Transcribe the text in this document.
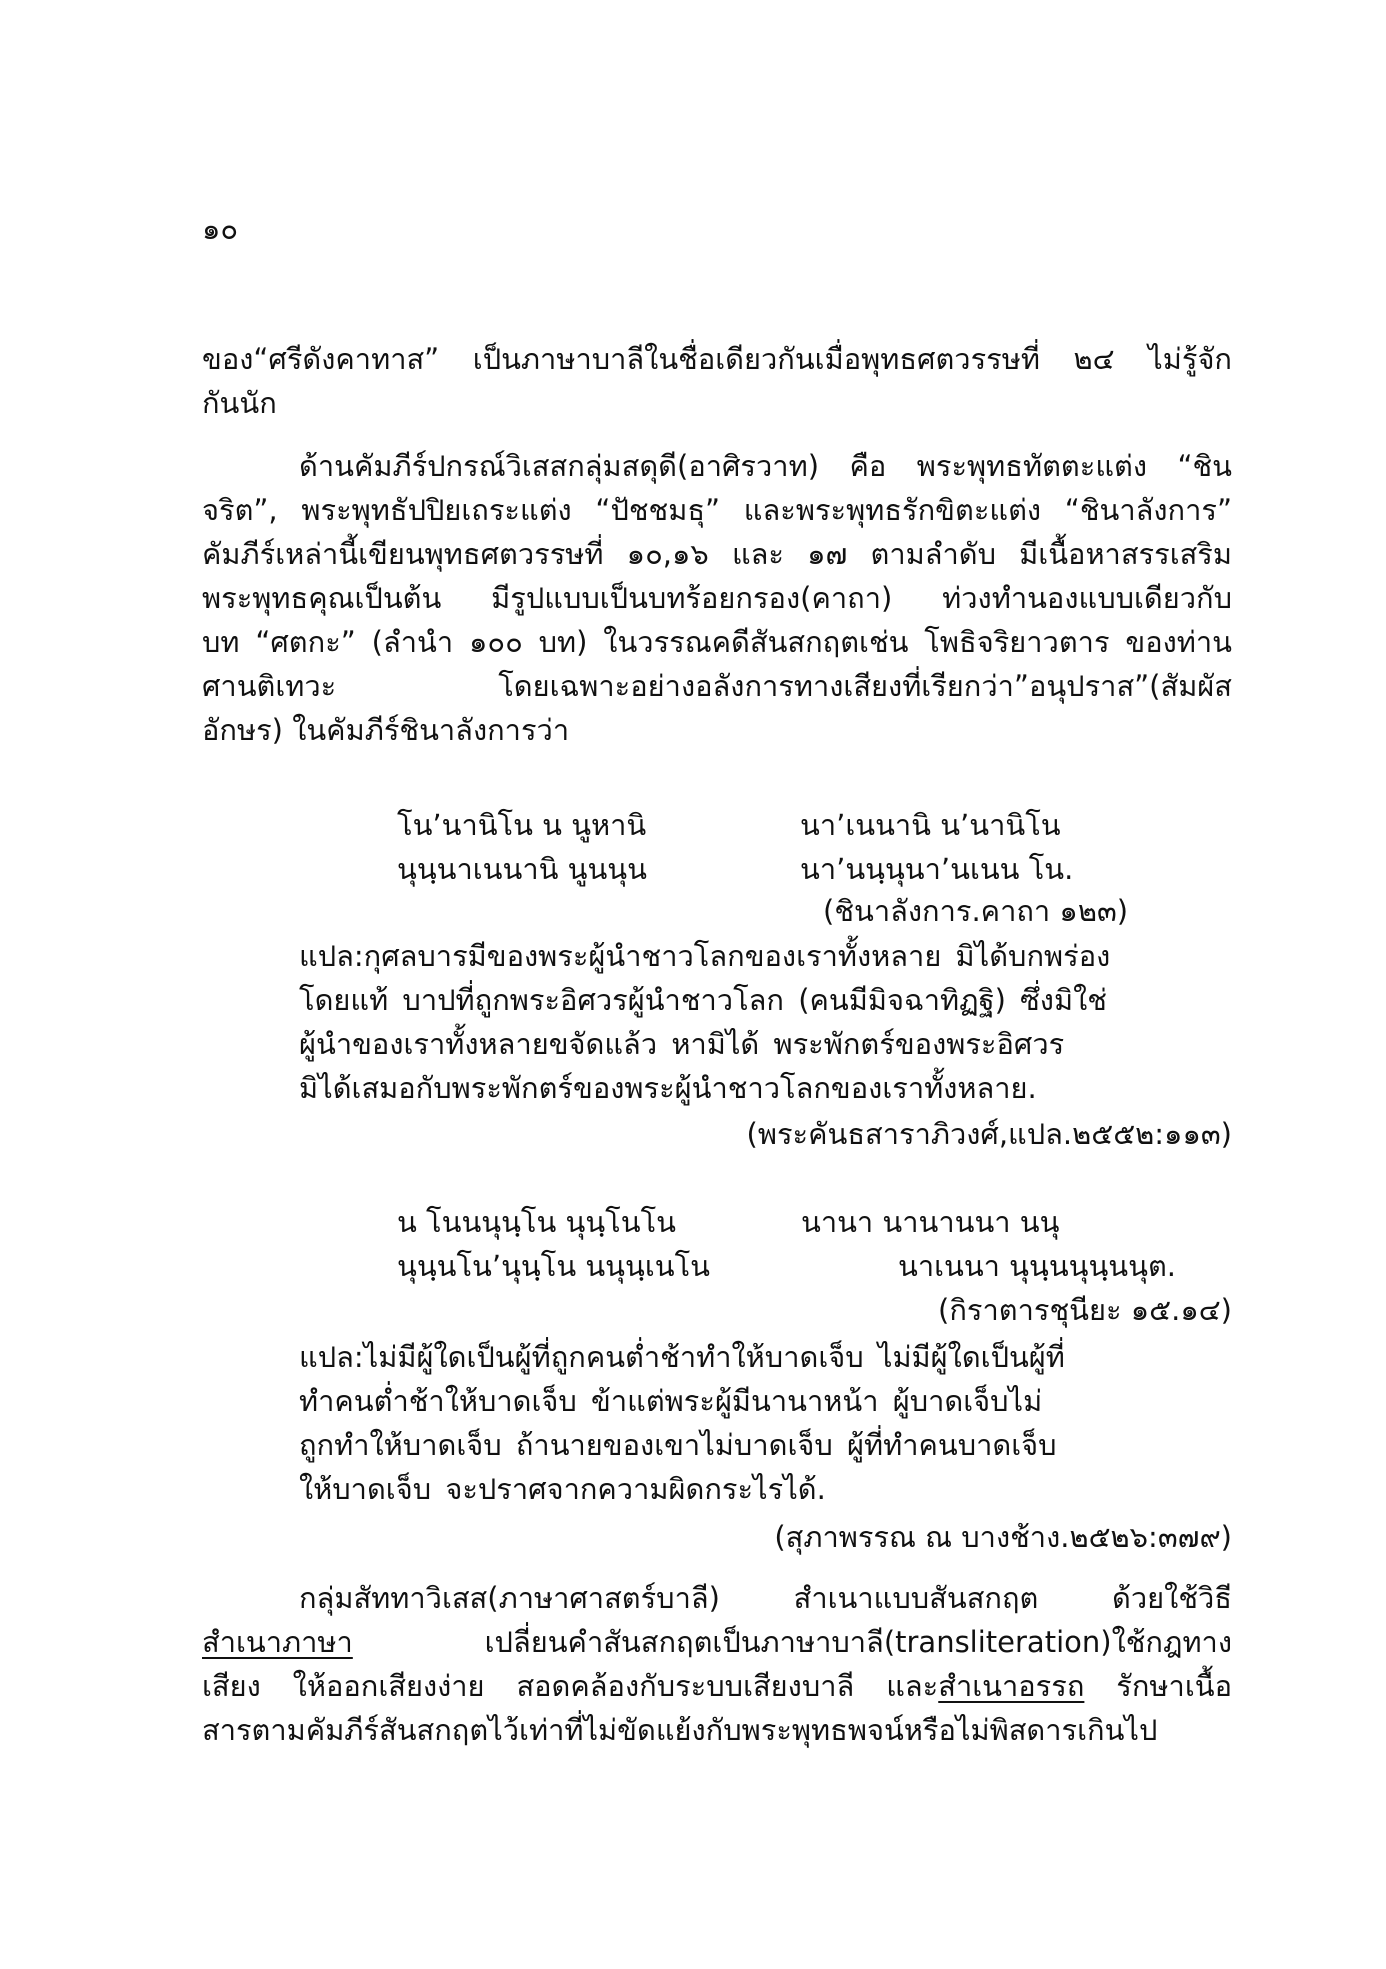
๑๐
ของ“ศรีดังคาทาส” เป็นภาษาบาลีในชื่อเดียวกันเมื่อพุทธศตวรรษที่ ๒๔ ไม่รู้จัก
กันนัก
ด้านคัมภีร์ปกรณ์วิเสสกลุ่มสดุดี(อาศิรวาท) คือ พระพุทธทัตตะแต่ง “ชิน
จริต”, พระพุทธัปปิยเถระแต่ง “ปัชชมธุ” และพระพุทธรักขิตะแต่ง “ชินาลังการ”
คัมภีร์เหล่านี้เขียนพุทธศตวรรษที่ ๑๐,๑๖ และ ๑๗ ตามลำดับ มีเนื้อหาสรรเสริม
พระพุทธคุณเป็นต้น มีรูปแบบเป็นบทร้อยกรอง(คาถา) ท่วงทำนองแบบเดียวกับ
บท “ศตกะ” (ลำนำ ๑๐๐ บท) ในวรรณคดีสันสกฤตเช่น โพธิจริยาวตาร ของท่าน
ศานติเทวะ โดยเฉพาะอย่างอลังการทางเสียงที่เรียกว่า”อนุปราส”(สัมผัส
อักษร) ในคัมภีร์ชินาลังการว่า
โน’นานิโน น นูหานิ	นา’เนนานิ น’นานิโน
นุนฺนาเนนานิ นูนนุน	นา’นนฺนุนา’นเนน โน.
(ชินาลังการ.คาถา ๑๒๓)
แปล:กุศลบารมีของพระผู้นำชาวโลกของเราทั้งหลาย มิได้บกพร่อง
โดยแท้ บาปที่ถูกพระอิศวรผู้นำชาวโลก (คนมีมิจฉาทิฏฐิ) ซึ่งมิใช่
ผู้นำของเราทั้งหลายขจัดแล้ว หามิได้ พระพักตร์ของพระอิศวร
มิได้เสมอกับพระพักตร์ของพระผู้นำชาวโลกของเราทั้งหลาย.
(พระคันธสาราภิวงศ์,แปล.๒๕๕๒:๑๑๓)
น โนนนุนฺโน นุนฺโนโน	นานา นานานนา นนุ
นุนฺนโน’นุนฺโน นนุนฺเนโน	นาเนนา นุนฺนนุนฺนนุต.
(กิราตารชุนียะ ๑๕.๑๔)
แปล:ไม่มีผู้ใดเป็นผู้ที่ถูกคนต่ำช้าทำให้บาดเจ็บ ไม่มีผู้ใดเป็นผู้ที่
ทำคนต่ำช้าให้บาดเจ็บ ข้าแต่พระผู้มีนานาหน้า ผู้บาดเจ็บไม่
ถูกทำให้บาดเจ็บ ถ้านายของเขาไม่บาดเจ็บ ผู้ที่ทำคนบาดเจ็บ
ให้บาดเจ็บ จะปราศจากความผิดกระไรได้.
(สุภาพรรณ ณ บางช้าง.๒๕๒๖:๓๗๙)
กลุ่มสัททาวิเสส(ภาษาศาสตร์บาลี) สำเนาแบบสันสกฤต ด้วยใช้วิธี
สำเนาภาษา	เปลี่ยนคำสันสกฤตเป็นภาษาบาลี(transliteration)ใช้กฎทาง
เสียง ให้ออกเสียงง่าย สอดคล้องกับระบบเสียงบาลี และสำเนาอรรถ รักษาเนื้อ
สารตามคัมภีร์สันสกฤตไว้เท่าที่ไม่ขัดแย้งกับพระพุทธพจน์หรือไม่พิสดารเกินไป
